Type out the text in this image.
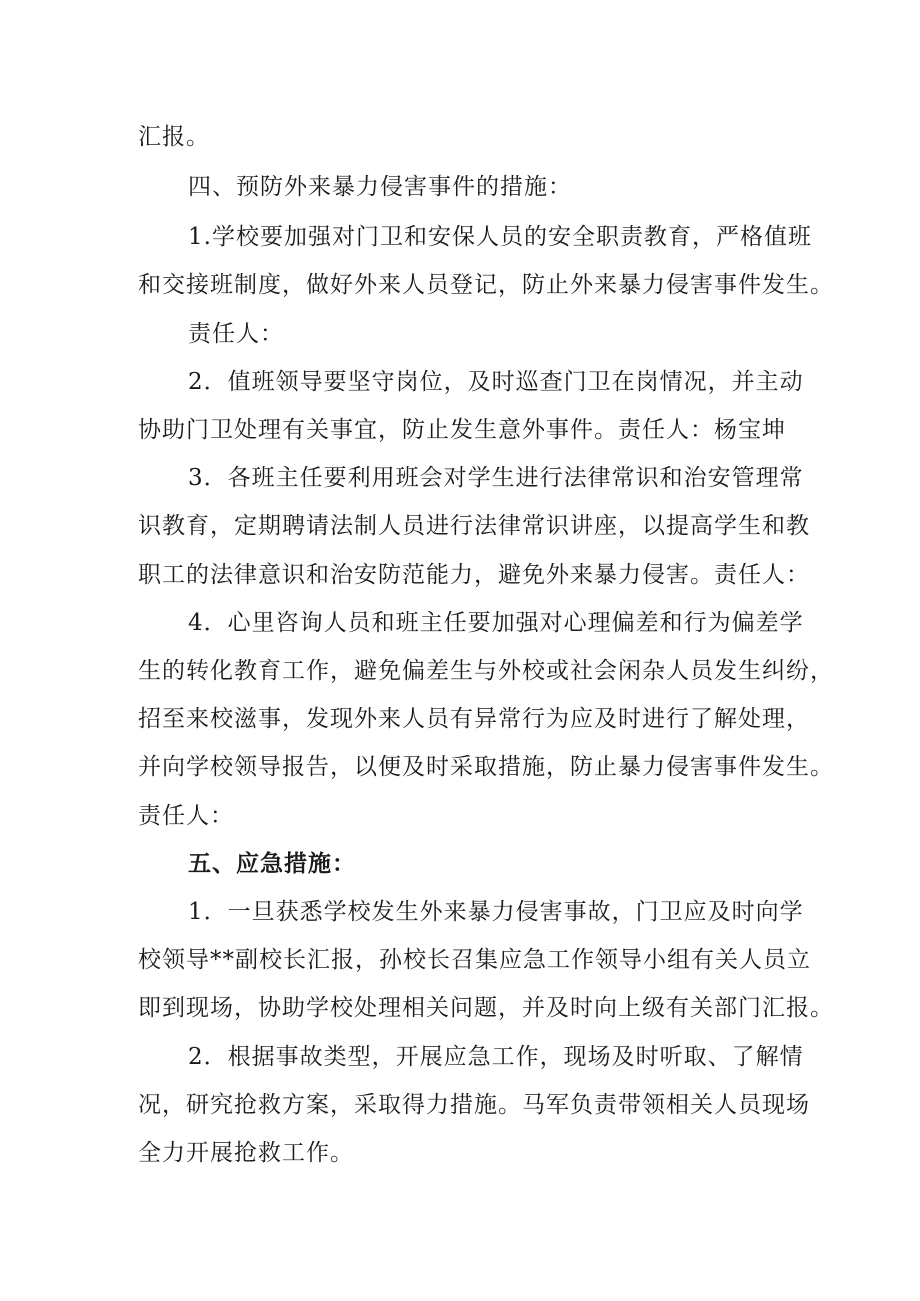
汇报。
四、预防外来暴力侵害事件的措施：
1.学校要加强对门卫和安保人员的安全职责教育，严格值班
和交接班制度，做好外来人员登记，防止外来暴力侵害事件发生。
责任人：
2．值班领导要坚守岗位，及时巡查门卫在岗情况，并主动
协助门卫处理有关事宜，防止发生意外事件。责任人：杨宝坤
3．各班主任要利用班会对学生进行法律常识和治安管理常
识教育，定期聘请法制人员进行法律常识讲座，以提高学生和教
职工的法律意识和治安防范能力，避免外来暴力侵害。责任人：
4．心里咨询人员和班主任要加强对心理偏差和行为偏差学
生的转化教育工作，避免偏差生与外校或社会闲杂人员发生纠纷，
招至来校滋事，发现外来人员有异常行为应及时进行了解处理，
并向学校领导报告，以便及时采取措施，防止暴力侵害事件发生。
责任人：
五、应急措施：
1．一旦获悉学校发生外来暴力侵害事故，门卫应及时向学
校领导**副校长汇报，孙校长召集应急工作领导小组有关人员立
即到现场，协助学校处理相关问题，并及时向上级有关部门汇报。
2．根据事故类型，开展应急工作，现场及时听取、了解情
况，研究抢救方案，采取得力措施。马军负责带领相关人员现场
全力开展抢救工作。
